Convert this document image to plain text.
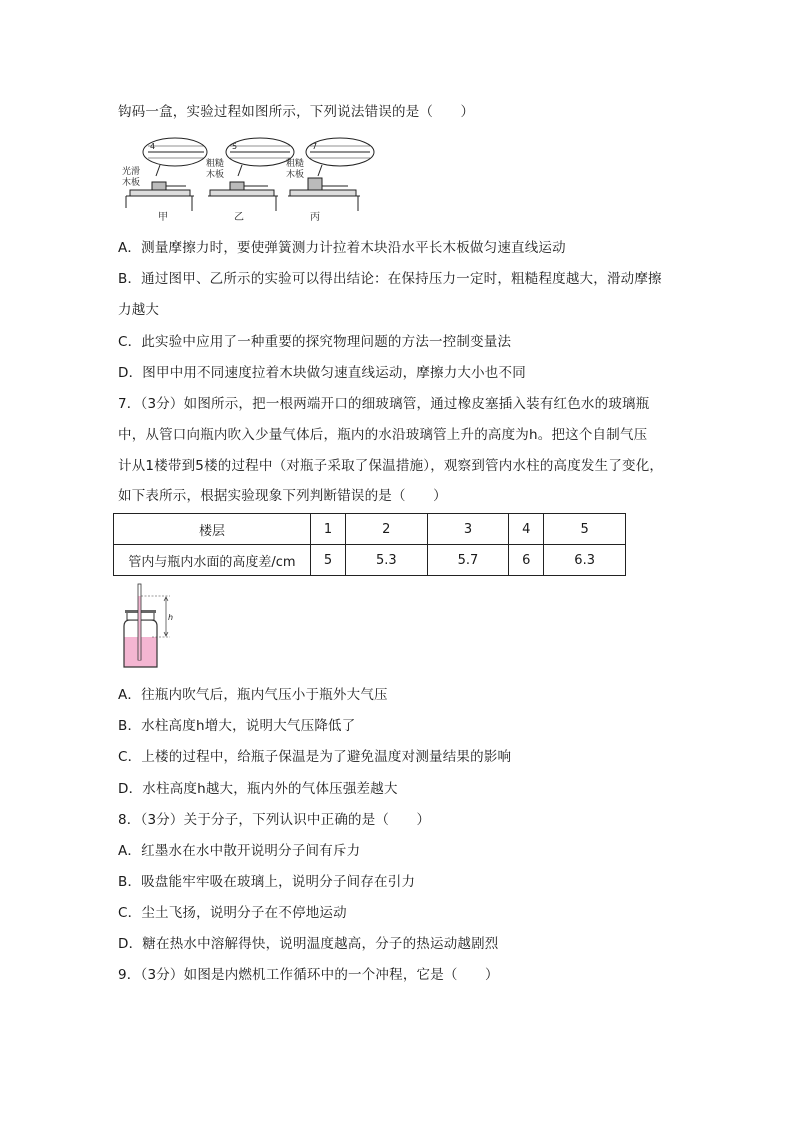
钩码一盒，实验过程如图所示，下列说法错误的是（　　）
4	5	7
光滑
木板
粗糙
木板
粗糙
木板
甲	乙	丙
A．测量摩擦力时，要使弹簧测力计拉着木块沿水平长木板做匀速直线运动
B．通过图甲、乙所示的实验可以得出结论：在保持压力一定时，粗糙程度越大，滑动摩擦
力越大
C．此实验中应用了一种重要的探究物理问题的方法一控制变量法
D．图甲中用不同速度拉着木块做匀速直线运动，摩擦力大小也不同
7．（3分）如图所示，把一根两端开口的细玻璃管，通过橡皮塞插入装有红色水的玻璃瓶
中，从管口向瓶内吹入少量气体后，瓶内的水沿玻璃管上升的高度为h。把这个自制气压
计从1楼带到5楼的过程中（对瓶子采取了保温措施），观察到管内水柱的高度发生了变化，
如下表所示，根据实验现象下列判断错误的是（　　）
楼层	1	2	3	4	5
管内与瓶内水面的高度差/cm	5	5.3	5.7	6	6.3
h
A．往瓶内吹气后，瓶内气压小于瓶外大气压
B．水柱高度h增大，说明大气压降低了
C．上楼的过程中，给瓶子保温是为了避免温度对测量结果的影响
D．水柱高度h越大，瓶内外的气体压强差越大
8．（3分）关于分子，下列认识中正确的是（　　）
A．红墨水在水中散开说明分子间有斥力
B．吸盘能牢牢吸在玻璃上，说明分子间存在引力
C．尘土飞扬，说明分子在不停地运动
D．糖在热水中溶解得快，说明温度越高，分子的热运动越剧烈
9．（3分）如图是内燃机工作循环中的一个冲程，它是（　　）
